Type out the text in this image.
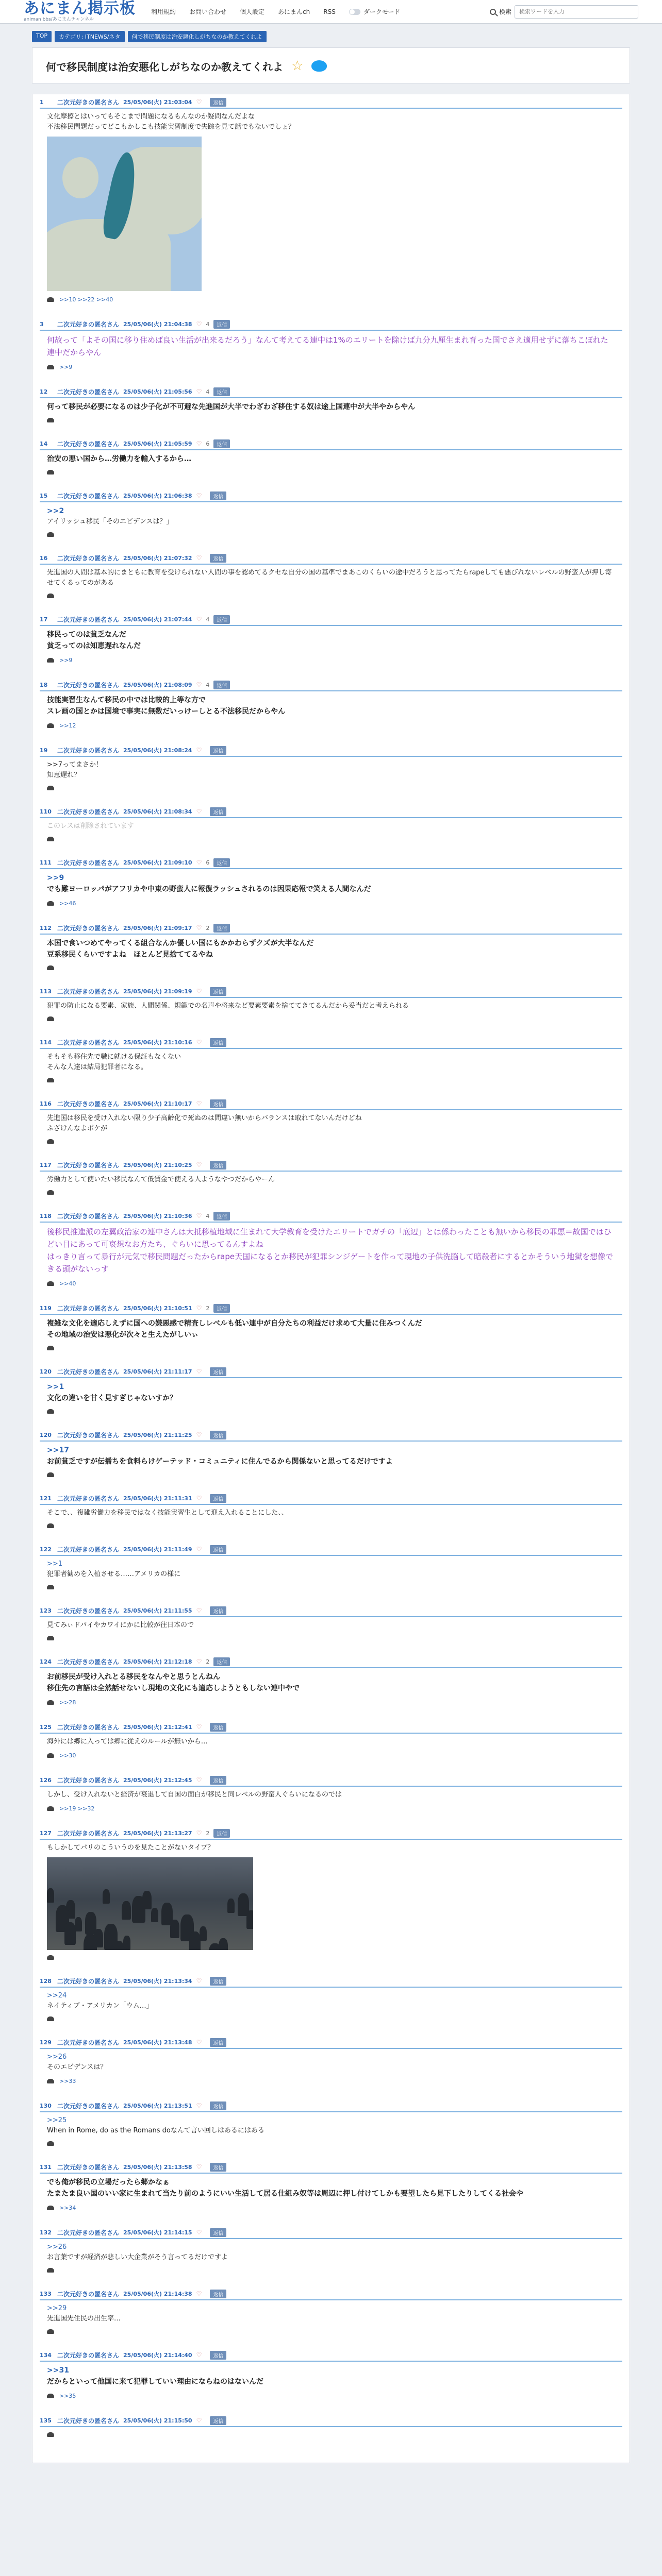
あにまん掲示板
animan bbs/あにまんチャンネル
利用規約 お問い合わせ 個人設定 あにまんch RSS	ダークモード	検索
検索ワードを入力
TOP	カテゴリ: ITNEWS/ネタ	何で移民制度は治安悪化しがちなのか教えてくれよ
何で移民制度は治安悪化しがちなのか教えてくれよ ☆
1	二次元好きの匿名さん 25/05/06(火) 21:03:04 ♡	返信
文化摩擦とはいってもそこまで問題になるもんなのか疑問なんだよな
不法移民問題だってどこもかしこも技能実習制度で失踪を見て話でもないでしょ？
>>10 >>22 >>40
3	二次元好きの匿名さん 25/05/06(火) 21:04:38 ♡ 4	返信
何故って「よその国に移り住めば良い生活が出来るだろう」なんて考えてる連中は1%のエリートを除けば九分九厘生まれ育った国でさえ適用せずに落ちこぼれた連中だからやん
>>9
12	二次元好きの匿名さん 25/05/06(火) 21:05:56 ♡ 4	返信
何って移民が必要になるのは少子化が不可避な先進国が大半でわざわざ移住する奴は途上国連中が大半やからやん
14	二次元好きの匿名さん 25/05/06(火) 21:05:59 ♡ 6	返信
治安の悪い国から…労働力を輸入するから…
15	二次元好きの匿名さん 25/05/06(火) 21:06:38 ♡	返信
>>2
アイリッシュ移民「そのエビデンスは？」
16	二次元好きの匿名さん 25/05/06(火) 21:07:32 ♡	返信
先進国の人間は基本的にまともに教育を受けられない人間の事を認めてるクセな自分の国の基準でまあこのくらいの途中だろうと思ってたらrapeしても悪びれないレベルの野蛮人が押し寄せてくるってのがある
17	二次元好きの匿名さん 25/05/06(火) 21:07:44 ♡ 4	返信
移民ってのは貧乏なんだ
貧乏ってのは知恵遅れなんだ
>>9
18	二次元好きの匿名さん 25/05/06(火) 21:08:09 ♡ 4	返信
技能実習生なんて移民の中では比較的上等な方で
スレ画の国とかは国境で事実に無数だいっけーしとる不法移民だからやん
>>12
19	二次元好きの匿名さん 25/05/06(火) 21:08:24 ♡	返信
>>7ってまさか！
知恵遅れ？
110 二次元好きの匿名さん 25/05/06(火) 21:08:34 ♡	返信
このレスは削除されています
111 二次元好きの匿名さん 25/05/06(火) 21:09:10 ♡ 6	返信
>>9
でも難ヨーロッパがアフリカや中東の野蛮人に報復ラッシュされるのは因果応報で笑える人間なんだ
>>46
112 二次元好きの匿名さん 25/05/06(火) 21:09:17 ♡ 2	返信
本国で食いつめてやってくる組合なんか優しい国にもかかわらずクズが大半なんだ
豆系移民くらいですよね　ほとんど見捨ててるやね
113 二次元好きの匿名さん 25/05/06(火) 21:09:19 ♡	返信
犯罪の防止になる要素、家族、人間関係、規範での名声や将来など要素要素を捨ててきてるんだから妥当だと考えられる
114 二次元好きの匿名さん 25/05/06(火) 21:10:16 ♡	返信
そもそも移住先で職に就ける保証もなくない
そんな人達は結局犯罪者になる。
116 二次元好きの匿名さん 25/05/06(火) 21:10:17 ♡	返信
先進国は移民を受け入れない限り少子高齢化で死ぬのは間違い無いからバランスは取れてないんだけどね
ふざけんなよボケが
117 二次元好きの匿名さん 25/05/06(火) 21:10:25 ♡	返信
労働力として使いたい移民なんて低賃金で使える人ようなやつだからやーん
118 二次元好きの匿名さん 25/05/06(火) 21:10:36 ♡ 4	返信
後移民推進派の左翼政治家の連中さんは大抵移植地域に生まれて大学教育を受けたエリートでガチの「底辺」とは係わったことも無いから移民の罪悪＝故国ではひどい目にあって可哀想なお方たち、ぐらいに思ってるんすよね
はっきり言って暴行が元気で移民問題だったからrape天国になるとか移民が犯罪シンジゲートを作って現地の子供洗脳して暗殺者にするとかそういう地獄を想像できる頭がないっす
>>40
119 二次元好きの匿名さん 25/05/06(火) 21:10:51 ♡ 2	返信
複雑な文化を適応しえずに国への嫌悪感で精査しレベルも低い連中が自分たちの利益だけ求めて大量に住みつくんだ
その地域の治安は悪化が次々と生えたがしいぃ
120 二次元好きの匿名さん 25/05/06(火) 21:11:17 ♡	返信
>>1
文化の違いを甘く見すぎじゃないすか？
120 二次元好きの匿名さん 25/05/06(火) 21:11:25 ♡	返信
>>17
お前貧乏ですが伝播ちを食料らけゲーテッド・コミュニティに住んでるから関係ないと思ってるだけですよ
121 二次元好きの匿名さん 25/05/06(火) 21:11:31 ♡	返信
そこで、、複雑労働力を移民ではなく技能実習生として迎え入れることにした、、
122 二次元好きの匿名さん 25/05/06(火) 21:11:49 ♡	返信
>>1
犯罪者勧めを入植させる……アメリカの様に
123 二次元好きの匿名さん 25/05/06(火) 21:11:55 ♡	返信
見てみぃドバイやカワイにかに比較が往日本ので
124 二次元好きの匿名さん 25/05/06(火) 21:12:18 ♡ 2	返信
お前移民が受け入れとる移民をなんやと思うとんねん
移住先の言語は全然話せないし現地の文化にも適応しようともしない連中やで
>>28
125 二次元好きの匿名さん 25/05/06(火) 21:12:41 ♡	返信
海外には郷に入っては郷に従えのルールが無いから…
>>30
126 二次元好きの匿名さん 25/05/06(火) 21:12:45 ♡	返信
しかし、受け入れないと経済が衰退して自国の面白が移民と同レベルの野蛮人ぐらいになるのでは
>>19 >>32
127 二次元好きの匿名さん 25/05/06(火) 21:13:27 ♡ 2	返信
もしかしてパリのこういうのを見たことがないタイプ？
128 二次元好きの匿名さん 25/05/06(火) 21:13:34 ♡	返信
>>24
ネイティブ・アメリカン「ウム…」
129 二次元好きの匿名さん 25/05/06(火) 21:13:48 ♡	返信
>>26
そのエビデンスは？
>>33
130 二次元好きの匿名さん 25/05/06(火) 21:13:51 ♡	返信
>>25
When in Rome, do as the Romans doなんて言い回しはあるにはある
131 二次元好きの匿名さん 25/05/06(火) 21:13:58 ♡	返信
でも俺が移民の立場だったら郷かなぁ
たまたま良い国のいい家に生まれて当たり前のようにいい生活して居る仕組み奴等は周辺に押し付けてしかも要望したら見下したりしてくる社会や
>>34
132 二次元好きの匿名さん 25/05/06(火) 21:14:15 ♡	返信
>>26
お言葉ですが経済が悲しい大企業がそう言ってるだけですよ
133 二次元好きの匿名さん 25/05/06(火) 21:14:38 ♡	返信
>>29
先進国先住民の出生率…
134 二次元好きの匿名さん 25/05/06(火) 21:14:40 ♡	返信
>>31
だからといって他国に来て犯罪していい理由にならねのはないんだ
>>35
135 二次元好きの匿名さん 25/05/06(火) 21:15:50 ♡	返信
